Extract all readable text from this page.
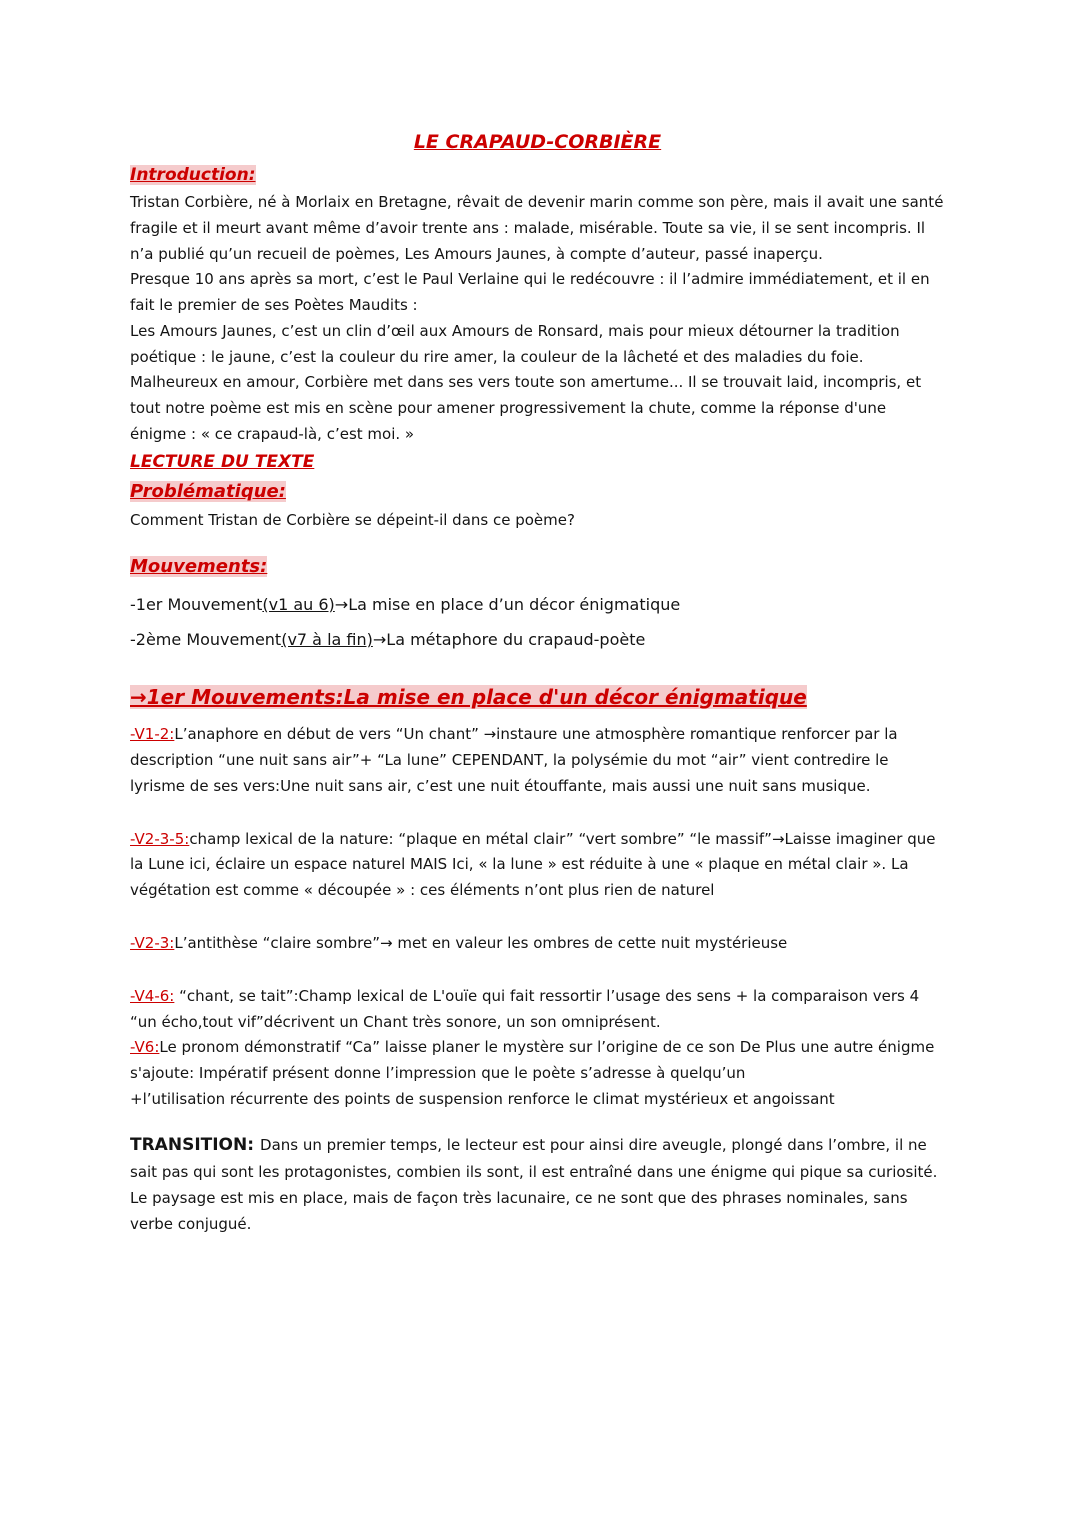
LE CRAPAUD-CORBIÈRE
Introduction:

Tristan Corbière, né à Morlaix en Bretagne, rêvait de devenir marin comme son père, mais il avait une santé fragile et il meurt avant même d’avoir trente ans : malade, misérable. Toute sa vie, il se sent incompris. Il n’a publié qu’un recueil de poèmes, Les Amours Jaunes, à compte d’auteur, passé inaperçu.

Presque 10 ans après sa mort, c’est le Paul Verlaine qui le redécouvre : il l’admire immédiatement, et il en fait le premier de ses Poètes Maudits :

Les Amours Jaunes, c’est un clin d’œil aux Amours de Ronsard, mais pour mieux détourner la tradition poétique : le jaune, c’est la couleur du rire amer, la couleur de la lâcheté et des maladies du foie. Malheureux en amour, Corbière met dans ses vers toute son amertume... Il se trouvait laid, incompris, et tout notre poème est mis en scène pour amener progressivement la chute, comme la réponse d'une énigme : « ce crapaud-là, c’est moi. »

LECTURE DU TEXTE
Problématique:

Comment Tristan de Corbière se dépeint-il dans ce poème?

Mouvements:

-1er Mouvement(v1 au 6)→La mise en place d’un décor énigmatique

-2ème Mouvement(v7 à la fin)→La métaphore du crapaud-poète

→1er Mouvements:La mise en place d'un décor énigmatique

-V1-2:L’anaphore en début de vers “Un chant” →instaure une atmosphère romantique renforcer par la description “une nuit sans air”+ “La lune” CEPENDANT, la polysémie du mot “air” vient contredire le lyrisme de ses vers:Une nuit sans air, c’est une nuit étouffante, mais aussi une nuit sans musique.

-V2-3-5:champ lexical de la nature: “plaque en métal clair” “vert sombre” “le massif”→Laisse imaginer que la Lune ici, éclaire un espace naturel MAIS Ici, « la lune » est réduite à une « plaque en métal clair ». La végétation est comme « découpée » : ces éléments n’ont plus rien de naturel

-V2-3:L’antithèse “claire sombre”→ met en valeur les ombres de cette nuit mystérieuse

-V4-6: “chant, se tait”:Champ lexical de L'ouïe qui fait ressortir l’usage des sens + la comparaison vers 4 “un écho,tout vif”décrivent un Chant très sonore, un son omniprésent.

-V6:Le pronom démonstratif “Ca” laisse planer le mystère sur l’origine de ce son De Plus une autre énigme s'ajoute: Impératif présent donne l’impression que le poète s’adresse à quelqu’un

+l’utilisation récurrente des points de suspension renforce le climat mystérieux et angoissant

TRANSITION: Dans un premier temps, le lecteur est pour ainsi dire aveugle, plongé dans l’ombre, il ne sait pas qui sont les protagonistes, combien ils sont, il est entraîné dans une énigme qui pique sa curiosité. Le paysage est mis en place, mais de façon très lacunaire, ce ne sont que des phrases nominales, sans verbe conjugué.
